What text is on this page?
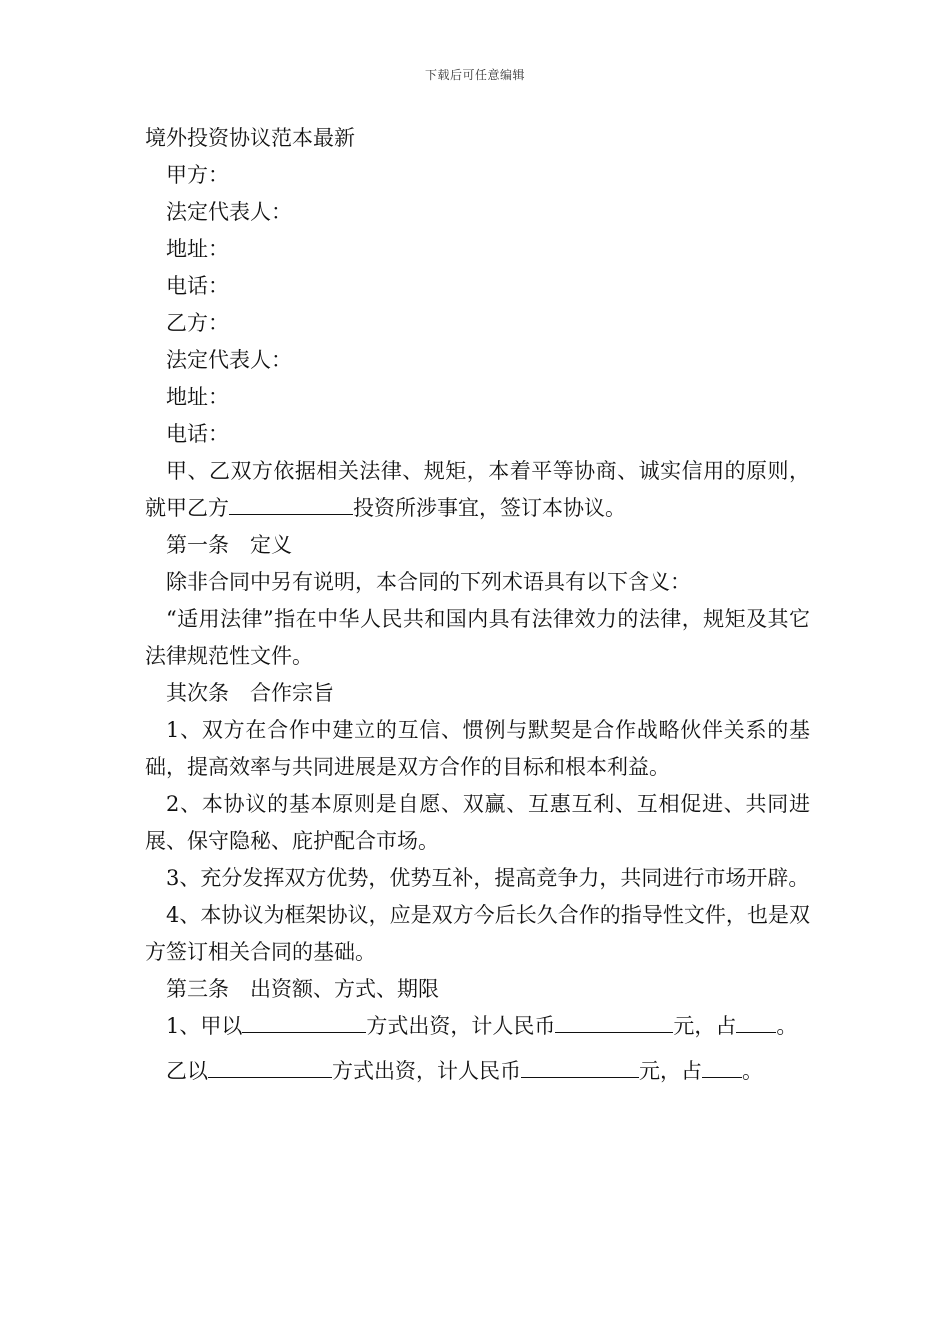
下载后可任意编辑

境外投资协议范本最新

甲方：

法定代表人：

地址：

电话：

乙方：

法定代表人：

地址：

电话：

甲、乙双方依据相关法律、规矩，本着平等协商、诚实信用的原则，就甲乙方	投资所涉事宜，签订本协议。

第一条　定义

除非合同中另有说明，本合同的下列术语具有以下含义：

“适用法律”指在中华人民共和国内具有法律效力的法律，规矩及其它法律规范性文件。

其次条　合作宗旨

1、双方在合作中建立的互信、惯例与默契是合作战略伙伴关系的基础，提高效率与共同进展是双方合作的目标和根本利益。

2、本协议的基本原则是自愿、双赢、互惠互利、互相促进、共同进展、保守隐秘、庇护配合市场。

3、充分发挥双方优势，优势互补，提高竞争力，共同进行市场开辟。

4、本协议为框架协议，应是双方今后长久合作的指导性文件，也是双方签订相关合同的基础。

第三条　出资额、方式、期限

1、甲以	方式出资，计人民币	元，占 。

乙以	方式出资，计人民币	元，占 。
